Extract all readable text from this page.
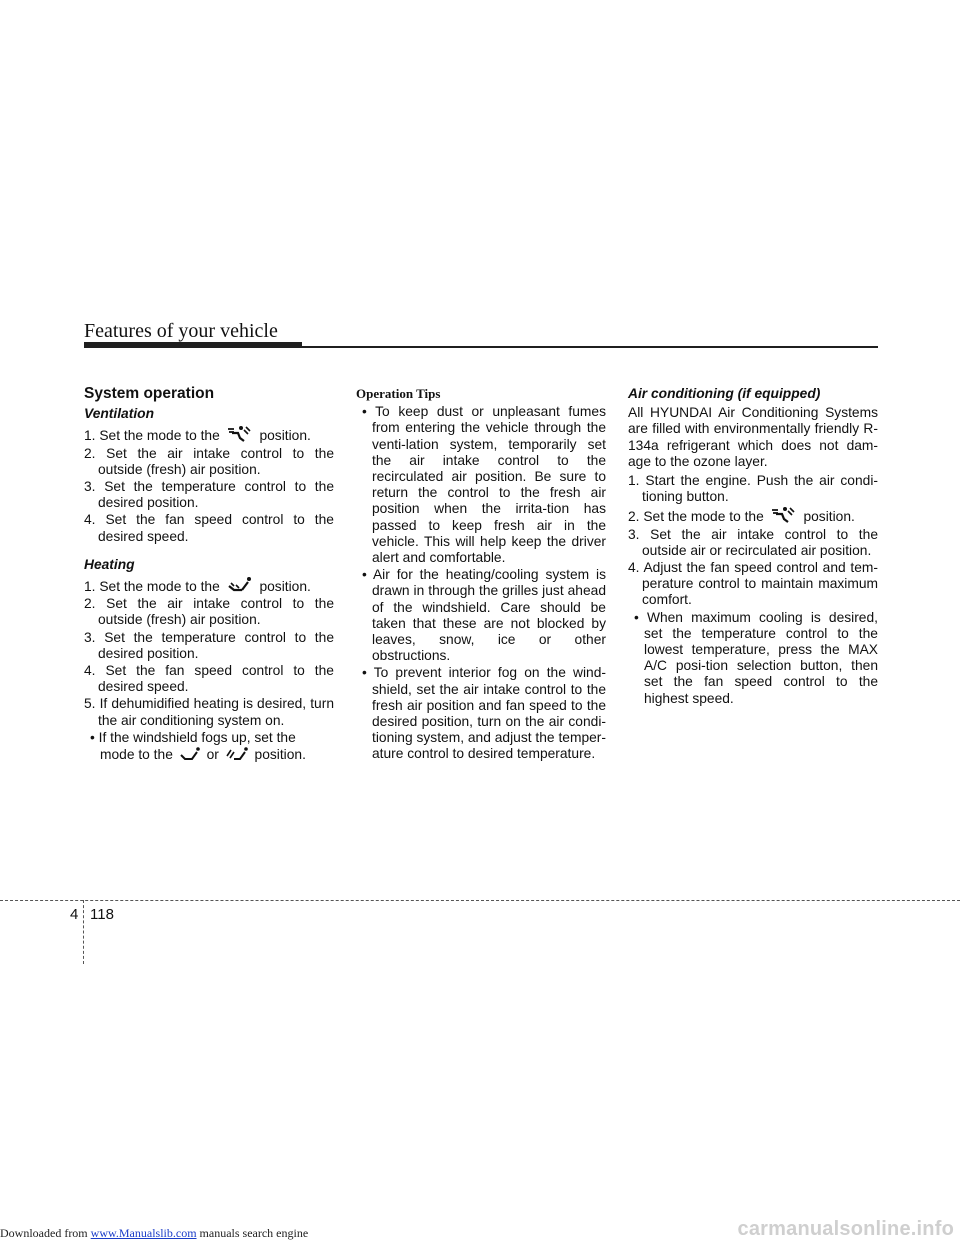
Downloaded from www.Manualslib.com manuals search engine	carmanualsonline.info
Features of your vehicle
System operation
Ventilation
1. Set the mode to the	position.
2. Set the air intake control to the outside (fresh) air position.
3. Set the temperature control to the desired position.
4. Set the fan speed control to the desired speed.
Heating
1. Set the mode to the	position.
2. Set the air intake control to the outside (fresh) air position.
3. Set the temperature control to the desired position.
4. Set the fan speed control to the desired speed.
5. If dehumidified heating is desired, turn the air conditioning system on.
• If the windshield fogs up, set the mode to the or	position.
Operation Tips
• To keep dust or unpleasant fumes from entering the vehicle through the venti-lation system, temporarily set the air intake control to the recirculated air position. Be sure to return the control to the fresh air position when the irrita-tion has passed to keep fresh air in the vehicle. This will help keep the driver alert and comfortable.
• Air for the heating/cooling system is drawn in through the grilles just ahead of the windshield. Care should be taken that these are not blocked by leaves, snow, ice or other obstructions.
• To prevent interior fog on the wind-shield, set the air intake control to the fresh air position and fan speed to the desired position, turn on the air condi-tioning system, and adjust the temper-ature control to desired temperature.
Air conditioning (if equipped)

All HYUNDAI Air Conditioning Systems are filled with environmentally friendly R-134a refrigerant which does not dam-age to the ozone layer.

1. Start the engine. Push the air condi-tioning button.
2. Set the mode to the	position.
3. Set the air intake control to the outside air or recirculated air position.
4. Adjust the fan speed control and tem-perature control to maintain maximum comfort.
• When maximum cooling is desired, set the temperature control to the lowest temperature, press the MAX A/C posi-tion selection button, then set the fan speed control to the highest speed.
4 118
